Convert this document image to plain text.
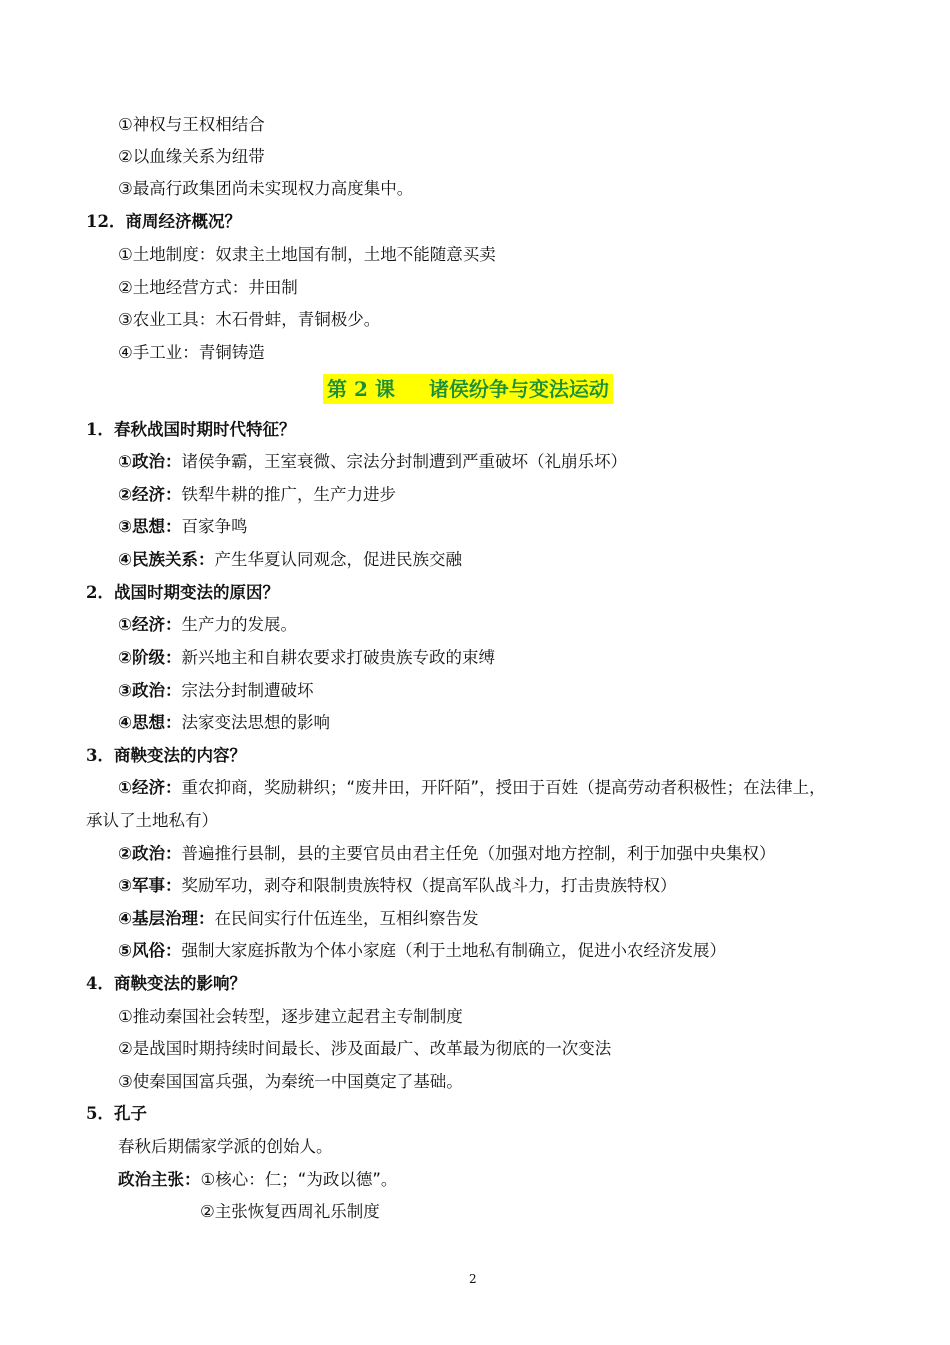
①神权与王权相结合
②以血缘关系为纽带
③最高行政集团尚未实现权力高度集中。
12．商周经济概况？
①土地制度：奴隶主土地国有制，土地不能随意买卖
②土地经营方式：井田制
③农业工具：木石骨蚌，青铜极少。
④手工业：青铜铸造
第 2 课 诸侯纷争与变法运动
1．春秋战国时期时代特征？
①政治：诸侯争霸，王室衰微、宗法分封制遭到严重破坏（礼崩乐坏）
②经济：铁犁牛耕的推广，生产力进步
③思想：百家争鸣
④民族关系：产生华夏认同观念，促进民族交融
2．战国时期变法的原因？
①经济：生产力的发展。
②阶级：新兴地主和自耕农要求打破贵族专政的束缚
③政治：宗法分封制遭破坏
④思想：法家变法思想的影响
3．商鞅变法的内容？
①经济：重农抑商，奖励耕织；“废井田，开阡陌”，授田于百姓（提高劳动者积极性；在法律上，
承认了土地私有）
②政治：普遍推行县制，县的主要官员由君主任免（加强对地方控制，利于加强中央集权）
③军事：奖励军功，剥夺和限制贵族特权（提高军队战斗力，打击贵族特权）
④基层治理：在民间实行什伍连坐，互相纠察告发
⑤风俗：强制大家庭拆散为个体小家庭（利于土地私有制确立，促进小农经济发展）
4．商鞅变法的影响？
①推动秦国社会转型，逐步建立起君主专制制度
②是战国时期持续时间最长、涉及面最广、改革最为彻底的一次变法
③使秦国国富兵强，为秦统一中国奠定了基础。
5．孔子
春秋后期儒家学派的创始人。
政治主张：①核心：仁；“为政以德”。
②主张恢复西周礼乐制度
2
